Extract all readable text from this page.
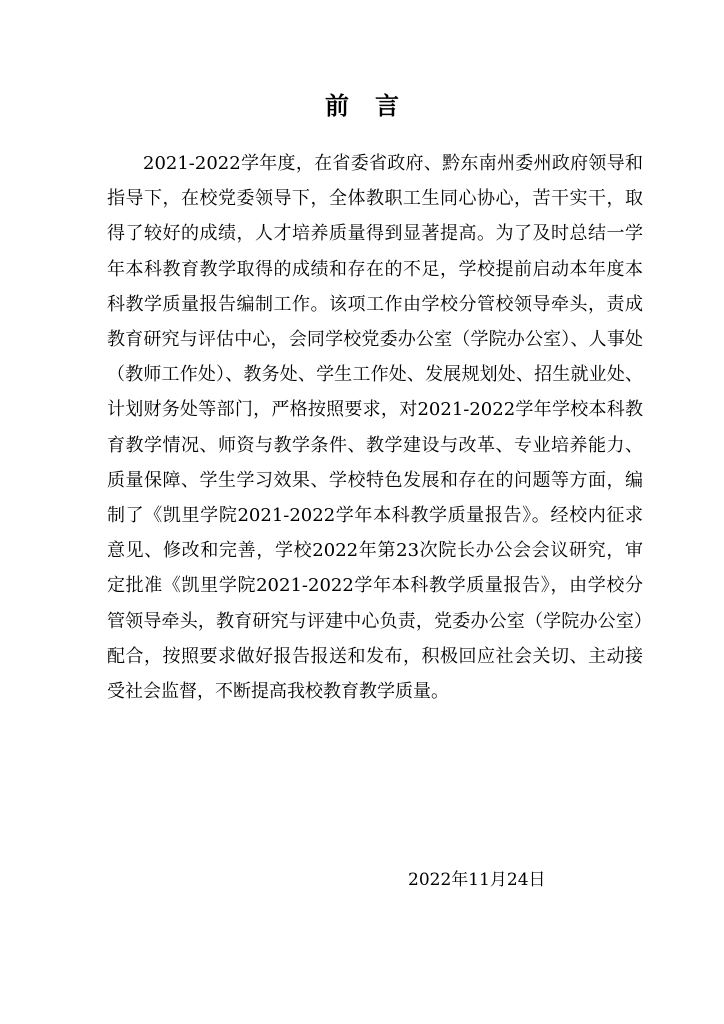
前言

2021-2022学年度，在省委省政府、黔东南州委州政府领导和指导下，在校党委领导下，全体教职工生同心协心，苦干实干，取得了较好的成绩，人才培养质量得到显著提高。为了及时总结一学年本科教育教学取得的成绩和存在的不足，学校提前启动本年度本科教学质量报告编制工作。该项工作由学校分管校领导牵头，责成教育研究与评估中心，会同学校党委办公室（学院办公室）、人事处（教师工作处）、教务处、学生工作处、发展规划处、招生就业处、计划财务处等部门，严格按照要求，对2021-2022学年学校本科教育教学情况、师资与教学条件、教学建设与改革、专业培养能力、质量保障、学生学习效果、学校特色发展和存在的问题等方面，编制了《凯里学院2021-2022学年本科教学质量报告》。经校内征求意见、修改和完善，学校2022年第23次院长办公会会议研究，审定批准《凯里学院2021-2022学年本科教学质量报告》，由学校分管领导牵头，教育研究与评建中心负责，党委办公室（学院办公室）配合，按照要求做好报告报送和发布，积极回应社会关切、主动接受社会监督，不断提高我校教育教学质量。

2022年11月24日
